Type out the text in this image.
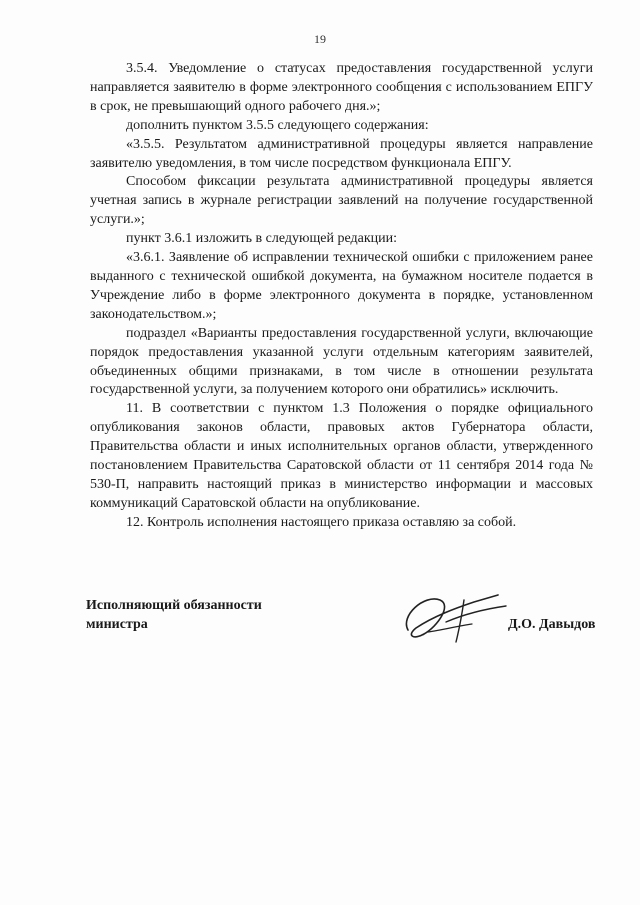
19

3.5.4. Уведомление о статусах предоставления государственной услуги направляется заявителю в форме электронного сообщения с использованием ЕПГУ в срок, не превышающий одного рабочего дня.»;

дополнить пунктом 3.5.5 следующего содержания:

«3.5.5. Результатом административной процедуры является направление заявителю уведомления, в том числе посредством функционала ЕПГУ.

Способом фиксации результата административной процедуры является учетная запись в журнале регистрации заявлений на получение государственной услуги.»;

пункт 3.6.1 изложить в следующей редакции:

«3.6.1. Заявление об исправлении технической ошибки с приложением ранее выданного с технической ошибкой документа, на бумажном носителе подается в Учреждение либо в форме электронного документа в порядке, установленном законодательством.»;

подраздел «Варианты предоставления государственной услуги, включающие порядок предоставления указанной услуги отдельным категориям заявителей, объединенных общими признаками, в том числе в отношении результата государственной услуги, за получением которого они обратились» исключить.

11. В соответствии с пунктом 1.3 Положения о порядке официального опубликования законов области, правовых актов Губернатора области, Правительства области и иных исполнительных органов области, утвержденного постановлением Правительства Саратовской области от 11 сентября 2014 года № 530-П, направить настоящий приказ в министерство информации и массовых коммуникаций Саратовской области на опубликование.

12. Контроль исполнения настоящего приказа оставляю за собой.

Исполняющий обязанности
министра	Д.О. Давыдов
